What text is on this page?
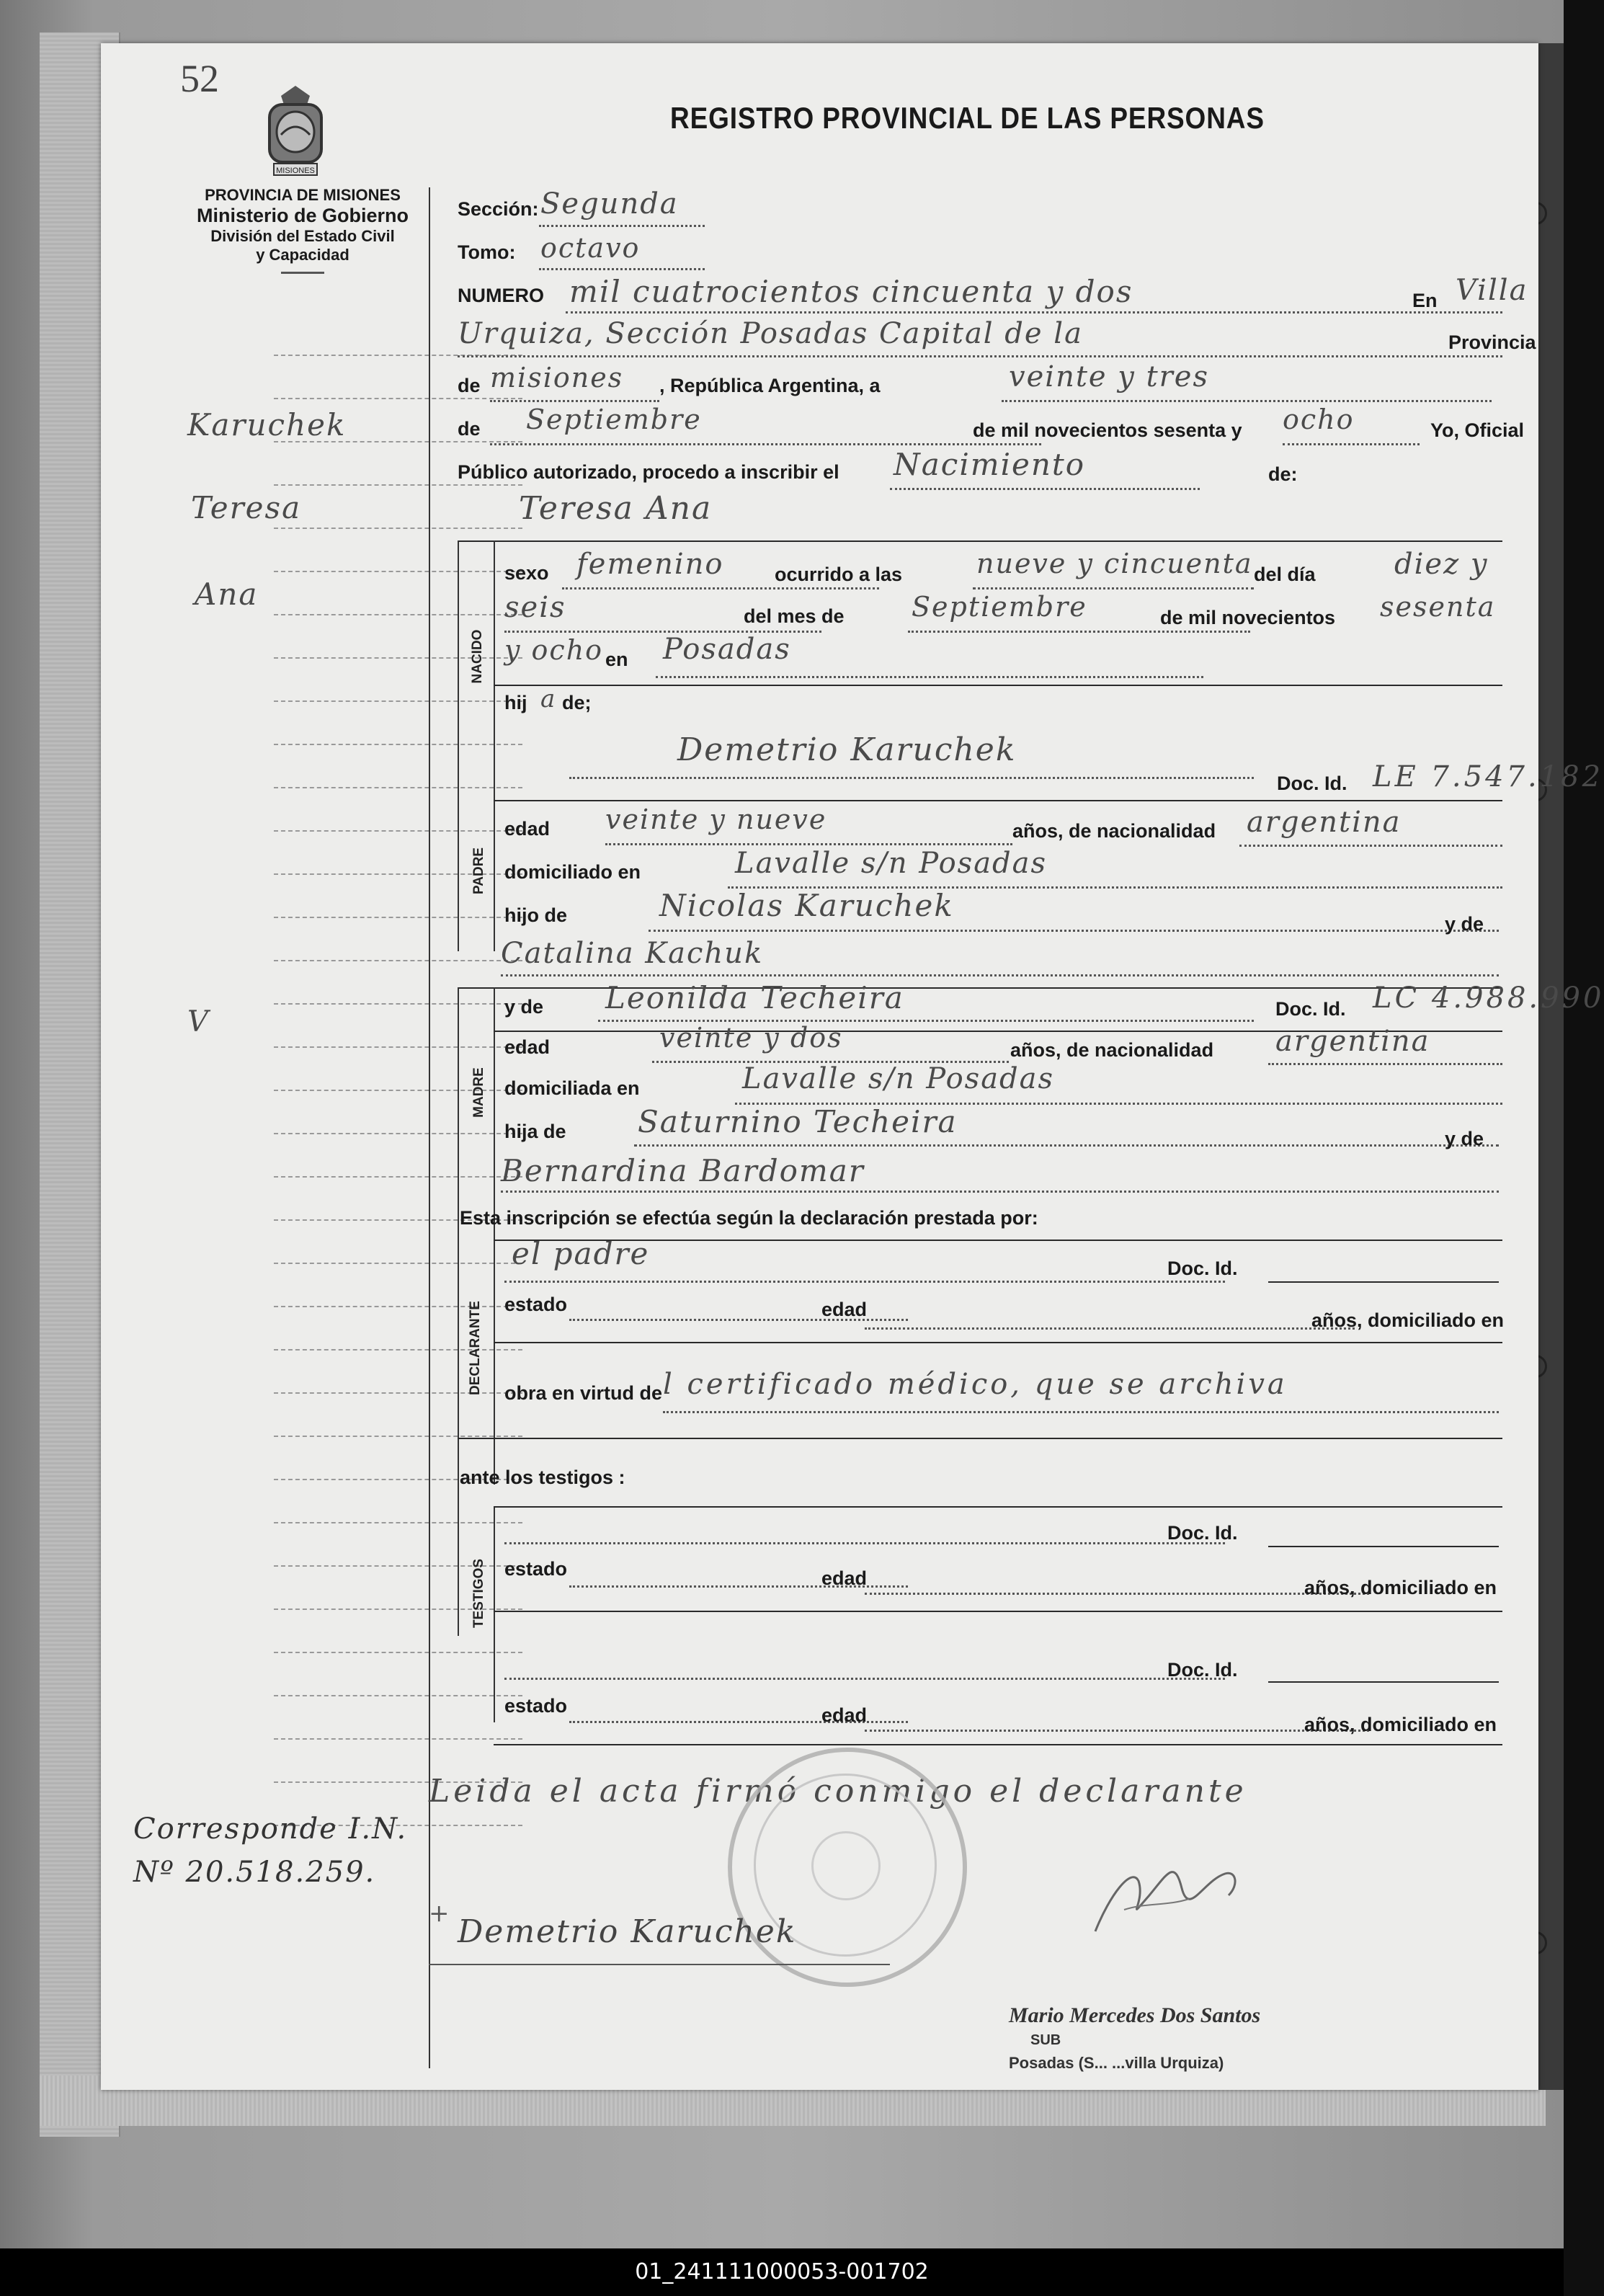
52
MISIONES
REGISTRO PROVINCIAL DE LAS PERSONAS
PROVINCIA DE MISIONES
Ministerio de Gobierno
División del Estado Civil
y Capacidad
Karuchek
Teresa
Ana
V
Corresponde I.N.
Nº 20.518.259.
Sección: Segunda
Tomo: octavo
NUMERO mil cuatrocientos cincuenta y dos	En Villa
Urquiza, Sección Posadas Capital de la	Provincia
de misiones , República Argentina, a	veinte y tres
de Septiembre	de mil novecientos sesenta y ocho	Yo, Oficial
Público autorizado, procedo a inscribir el Nacimiento	de:
Teresa Ana
NACIDO
sexo femenino	ocurrido a las	nueve y cincuenta del día	diez y
seis	del mes de Septiembre	de mil novecientos sesenta
y ocho en Posadas
hij a de;
Demetrio Karuchek
Doc. Id. LE 7.547.182
PADRE
edad veinte y nueve	años, de nacionalidad argentina
domiciliado en	Lavalle s/n Posadas
hijo de	Nicolas Karuchek
y de
Catalina Kachuk
y de Leonilda Techeira	Doc. Id. LC 4.988.990
MADRE
edad	veinte y dos	años, de nacionalidad argentina
domiciliada en	Lavalle s/n Posadas
hija de Saturnino Techeira	y de
Bernardina Bardomar
Esta inscripción se efectúa según la declaración prestada por:
el padre	Doc. Id.
DECLARANTE estado	edad	años, domiciliado en
obra en virtud de l certificado médico, que se archiva
ante los testigos :
TESTIGOS
Doc. Id.
estado	edad	años, domiciliado en
Doc. Id.
estado	edad	años, domiciliado en
Leida el acta firmó conmigo el declarante
+ Demetrio Karuchek
Mario Mercedes Dos Santos
SUB
Posadas (S... ...villa Urquiza)
01_241111000053-001702
